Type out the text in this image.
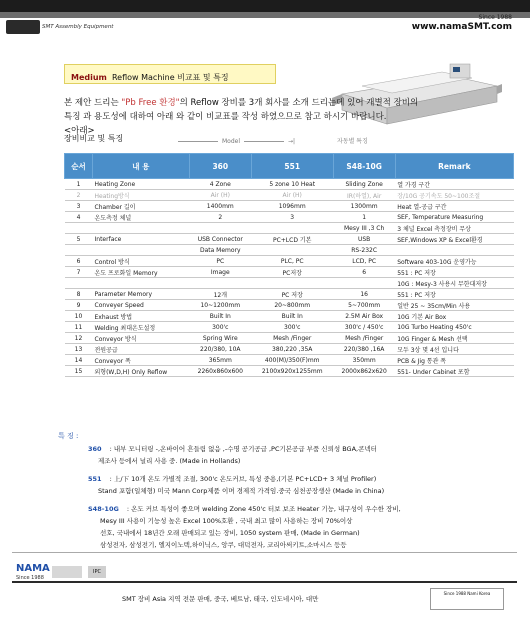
SMT Assembly Equipment
Since 1988
www.namaSMT.com
Medium Reflow Machine 비교표 및 특징
본 제안 드리는 "Pb Free 환경"의 Reflow 장비를 3개 회사를 소개 드리는데 있어 개별적 장비의
특징 과 용도성에 대하여 아래 와 같이 비교표를 작성 하였으므로 참고 하시기 바랍니다.
<아래>
장비비교 및 특징	Model	→|	자동별 특징
순서	내 용	360	551	S48-10G	Remark
1	Heating Zone	4 Zone	5 zone 10 Heat	Sliding Zone	열 가경 구간
2	Heating방식	Air (H)	Air (H)	IR(하열), Air	장/10G 공기속도 50~100조절
3	Chamber 길이	1400mm	1096mm	1300mm	Heat 열-공급 구간
4	온도측정 체널	2	3	1	SEF, Temperature Measuring
				Mesy III ,3 Ch	3 체널 Excel 측정장비 무상
5	Interface	USB Connector	PC+LCD 기본	USB	SEF,Windows XP & Excel환경
		Data Memory		RS-232C	
6	Control 방식	PC	PLC, PC	LCD, PC	Software 403-10G 운영가능
7	온도 프로화일 Memory	Image	PC저장	6	551 : PC 저장
					10G : Mesy-3 사용시 무한대저장
8	Parameter Memory	12개	PC 저장	16	551 : PC 저장
9	Conveyer Speed	10~1200mm	20~800mm	5~700mm	일반 25 ~ 35cm/Min 사용
10	Exhaust 방법	Built In	Built In	2.5M Air Box	10G 기본 Air Box
11	Welding 최대온도설정	300'c	300'c	300'c / 450'c	10G Turbo Heating 450'c
12	Conveyor 방식	Spring Wire	Mesh /Finger	Mesh /Finger	10G Finger & Mesh 선택
13	전원공급	220/380, 10A	380,220 ,35A	220/380 ,16A	모두 3상 몇 4선 입니다
14	Conveyor 폭	365mm	400(M)/350(F)mm	350mm	PCB & Jig 통관 폭
15	외형(W,D,H) Only Reflow	2260x860x600	2100x920x1255mm	2000x862x620	551- Under Cabinet 포함
특 징 :
360 : 내부 모니터링 -,온바이어 흔들림 없음 ,-수명 공기공급 ,PC기본공급 부품 신뢰성 BGA,콘넥터
제조사 등에서 널리 사용 중. (Made in Hollands)
551 : 上/下 10개 온도 가별적 조절, 300'c 온도커브, 특성 중용,(기본 PC+LCD+ 3 체널 Profiler)
Stand 포함(일체형) 미국 Mann Corp제품 이며 경제적 가격임.중국 심천공장생산 (Made in China)
S48-10G : 온도 커브 특성이 좋으며 welding Zone 450'c 터보 보조 Heater 기능, 내구성이 우수한 장비,
Mesy III 사용이 기능성 높은 Excel 100%호환 , 국내 최고 많이 사용하는 장비 70%이상
선호, 국내에서 18년간 오래 판매되고 있는 장비, 1050 system 판매, (Made in German)
삼성전자, 삼성전기, 엘지이노텍,하이닉스, 앙쿠, 대덕전자, 코리아써키트,소마시스 등등
NAMA
Since 1988
IPC
SMT 장비 Asia 지역 전문 판매, 중국, 베트남, 태국, 인도네시아, 대만
Since 1988 Nami Korea
